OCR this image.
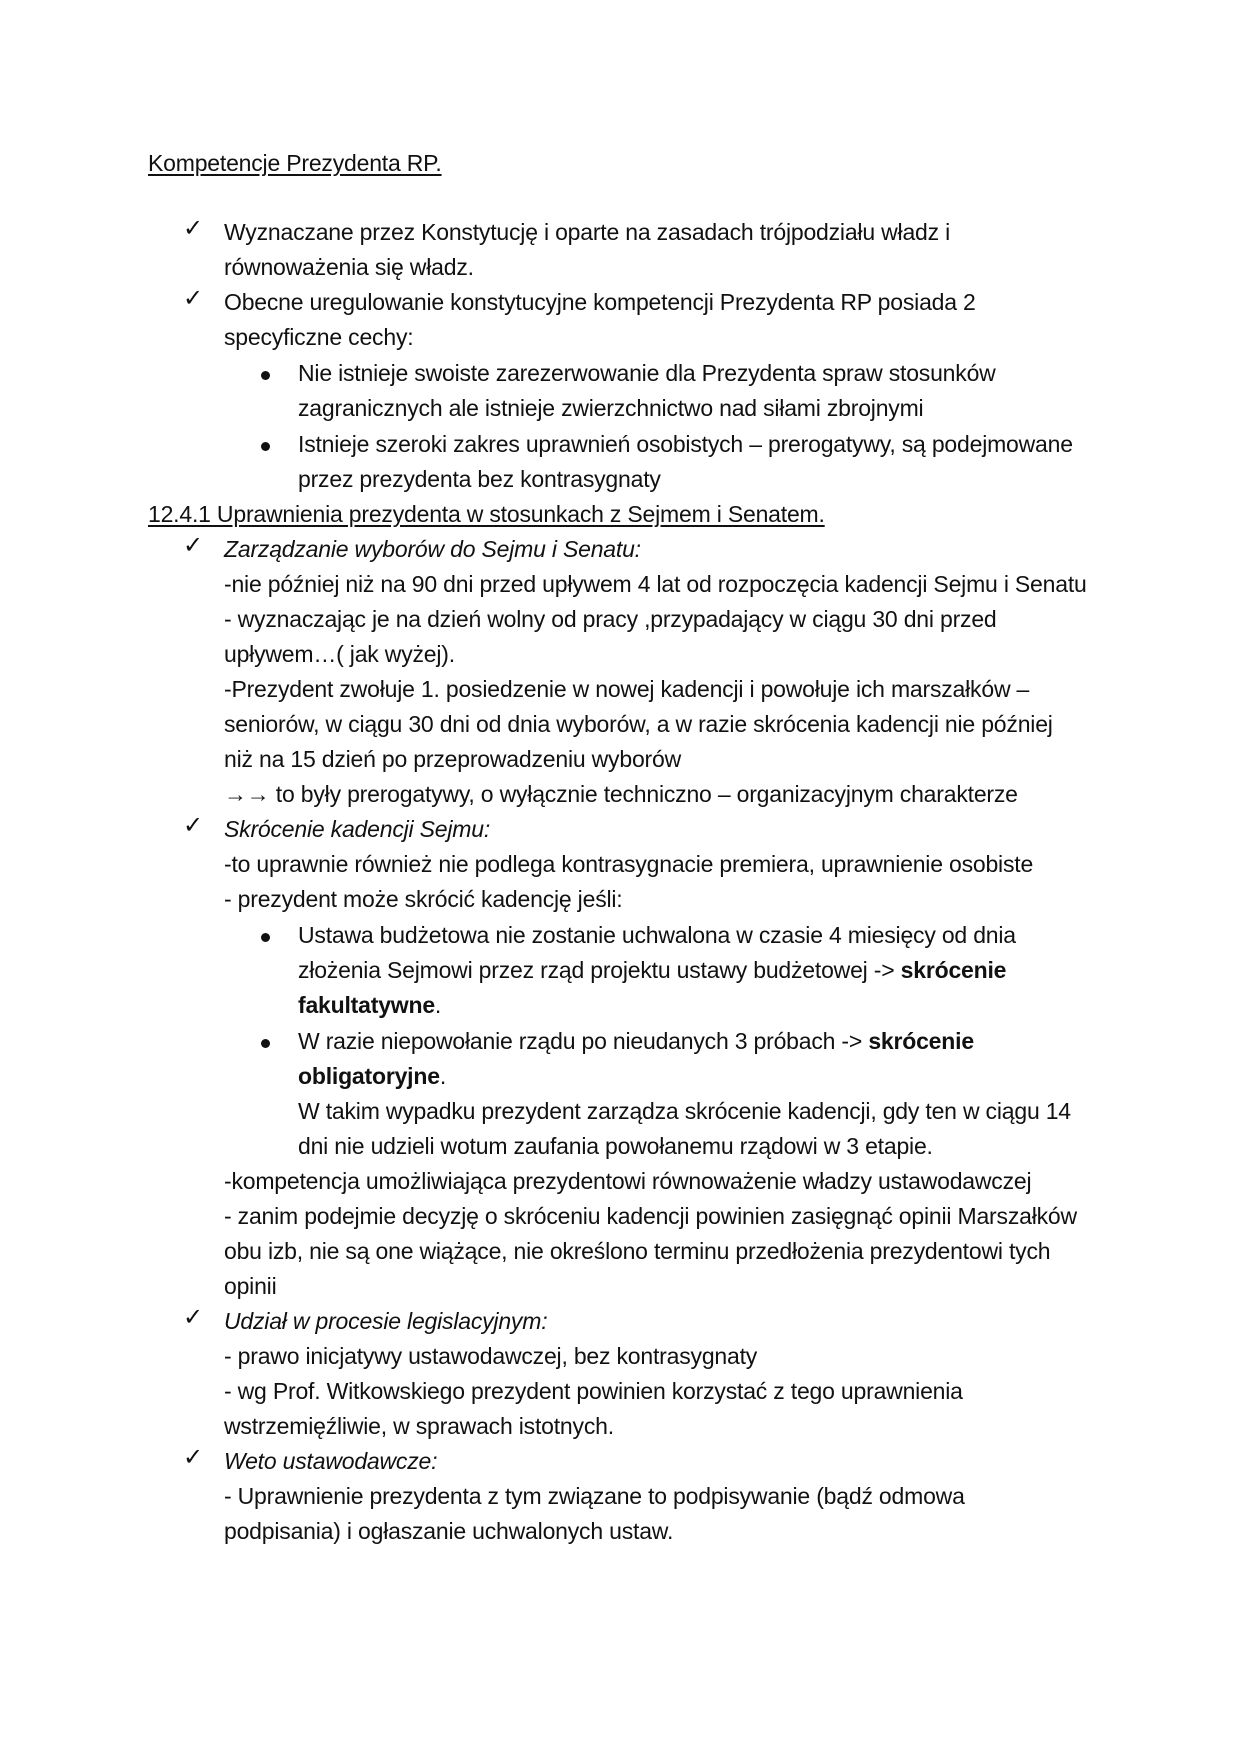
Kompetencje Prezydenta RP.
✓ Wyznaczane przez Konstytucję i oparte na zasadach trójpodziału władz i
równoważenia się władz.
✓ Obecne uregulowanie konstytucyjne kompetencji Prezydenta RP posiada 2
specyficzne cechy:
Nie istnieje swoiste zarezerwowanie dla Prezydenta spraw stosunków
zagranicznych ale istnieje zwierzchnictwo nad siłami zbrojnymi
Istnieje szeroki zakres uprawnień osobistych – prerogatywy, są podejmowane
przez prezydenta bez kontrasygnaty
12.4.1 Uprawnienia prezydenta w stosunkach z Sejmem i Senatem.
✓ Zarządzanie wyborów do Sejmu i Senatu:
-nie później niż na 90 dni przed upływem 4 lat od rozpoczęcia kadencji Sejmu i Senatu
- wyznaczając je na dzień wolny od pracy ,przypadający w ciągu 30 dni przed
upływem…( jak wyżej).
-Prezydent zwołuje 1. posiedzenie w nowej kadencji i powołuje ich marszałków –
seniorów, w ciągu 30 dni od dnia wyborów, a w razie skrócenia kadencji nie później
niż na 15 dzień po przeprowadzeniu wyborów
→→ to były prerogatywy, o wyłącznie techniczno – organizacyjnym charakterze
✓ Skrócenie kadencji Sejmu:
-to uprawnie również nie podlega kontrasygnacie premiera, uprawnienie osobiste
- prezydent może skrócić kadencję jeśli:
Ustawa budżetowa nie zostanie uchwalona w czasie 4 miesięcy od dnia
złożenia Sejmowi przez rząd projektu ustawy budżetowej -> skrócenie
fakultatywne.
W razie niepowołanie rządu po nieudanych 3 próbach -> skrócenie
obligatoryjne.
W takim wypadku prezydent zarządza skrócenie kadencji, gdy ten w ciągu 14
dni nie udzieli wotum zaufania powołanemu rządowi w 3 etapie.
-kompetencja umożliwiająca prezydentowi równoważenie władzy ustawodawczej
- zanim podejmie decyzję o skróceniu kadencji powinien zasięgnąć opinii Marszałków
obu izb, nie są one wiążące, nie określono terminu przedłożenia prezydentowi tych
opinii
✓ Udział w procesie legislacyjnym:
- prawo inicjatywy ustawodawczej, bez kontrasygnaty
- wg Prof. Witkowskiego prezydent powinien korzystać z tego uprawnienia
wstrzemięźliwie, w sprawach istotnych.
✓ Weto ustawodawcze:
- Uprawnienie prezydenta z tym związane to podpisywanie (bądź odmowa
podpisania) i ogłaszanie uchwalonych ustaw.
